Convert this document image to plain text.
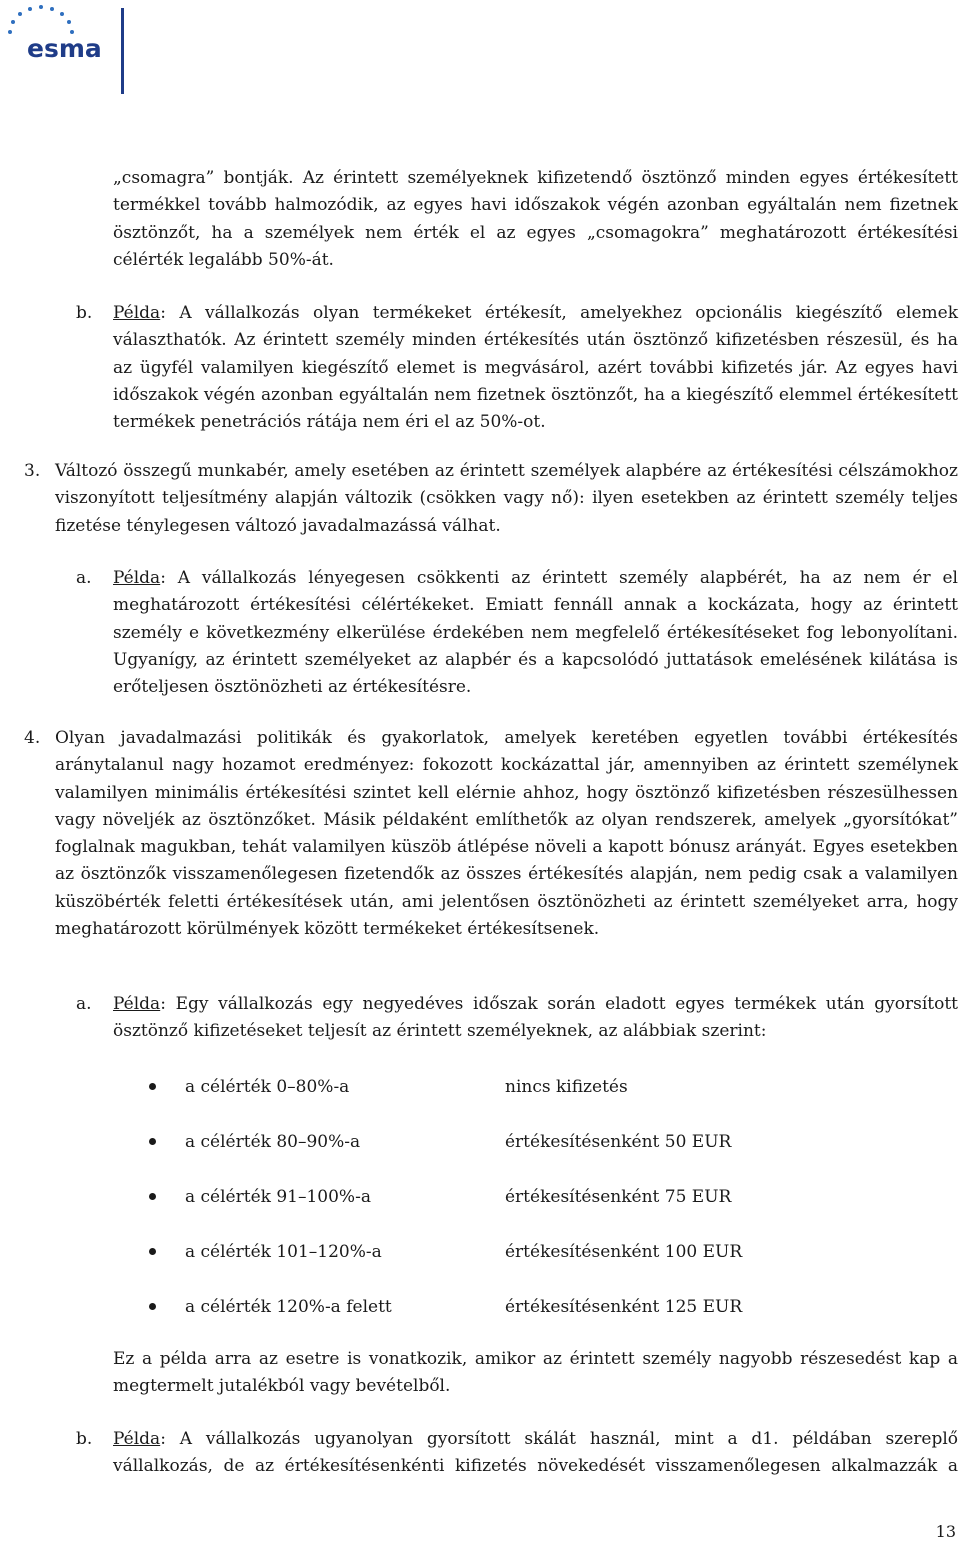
esma
„csomagra” bontják. Az érintett személyeknek kifizetendő ösztönző minden egyes értékesített termékkel tovább halmozódik, az egyes havi időszakok végén azonban egyáltalán nem fizetnek ösztönzőt, ha a személyek nem érték el az egyes „csomagokra” meghatározott értékesítési célérték legalább 50%-át.
b. Példa: A vállalkozás olyan termékeket értékesít, amelyekhez opcionális kiegészítő elemek választhatók. Az érintett személy minden értékesítés után ösztönző kifizetésben részesül, és ha az ügyfél valamilyen kiegészítő elemet is megvásárol, azért további kifizetés jár. Az egyes havi időszakok végén azonban egyáltalán nem fizetnek ösztönzőt, ha a kiegészítő elemmel értékesített termékek penetrációs rátája nem éri el az 50%-ot.
3. Változó összegű munkabér, amely esetében az érintett személyek alapbére az értékesítési célszámokhoz viszonyított teljesítmény alapján változik (csökken vagy nő): ilyen esetekben az érintett személy teljes fizetése ténylegesen változó javadalmazássá válhat.
a. Példa: A vállalkozás lényegesen csökkenti az érintett személy alapbérét, ha az nem ér el meghatározott értékesítési célértékeket. Emiatt fennáll annak a kockázata, hogy az érintett személy e következmény elkerülése érdekében nem megfelelő értékesítéseket fog lebonyolítani. Ugyanígy, az érintett személyeket az alapbér és a kapcsolódó juttatások emelésének kilátása is erőteljesen ösztönözheti az értékesítésre.
4. Olyan javadalmazási politikák és gyakorlatok, amelyek keretében egyetlen további értékesítés aránytalanul nagy hozamot eredményez: fokozott kockázattal jár, amennyiben az érintett személynek valamilyen minimális értékesítési szintet kell elérnie ahhoz, hogy ösztönző kifizetésben részesülhessen vagy növeljék az ösztönzőket. Másik példaként említhetők az olyan rendszerek, amelyek „gyorsítókat” foglalnak magukban, tehát valamilyen küszöb átlépése növeli a kapott bónusz arányát. Egyes esetekben az ösztönzők visszamenőlegesen fizetendők az összes értékesítés alapján, nem pedig csak a valamilyen küszöbérték feletti értékesítések után, ami jelentősen ösztönözheti az érintett személyeket arra, hogy meghatározott körülmények között termékeket értékesítsenek.
a. Példa: Egy vállalkozás egy negyedéves időszak során eladott egyes termékek után gyorsított ösztönző kifizetéseket teljesít az érintett személyeknek, az alábbiak szerint:
a célérték 0–80%-a	nincs kifizetés
a célérték 80–90%-a	értékesítésenként 50 EUR
a célérték 91–100%-a	értékesítésenként 75 EUR
a célérték 101–120%-a	értékesítésenként 100 EUR
a célérték 120%-a felett	értékesítésenként 125 EUR
Ez a példa arra az esetre is vonatkozik, amikor az érintett személy nagyobb részesedést kap a megtermelt jutalékból vagy bevételből.
b. Példa: A vállalkozás ugyanolyan gyorsított skálát használ, mint a d1. példában szereplő vállalkozás, de az értékesítésenkénti kifizetés növekedését visszamenőlegesen alkalmazzák a
13
